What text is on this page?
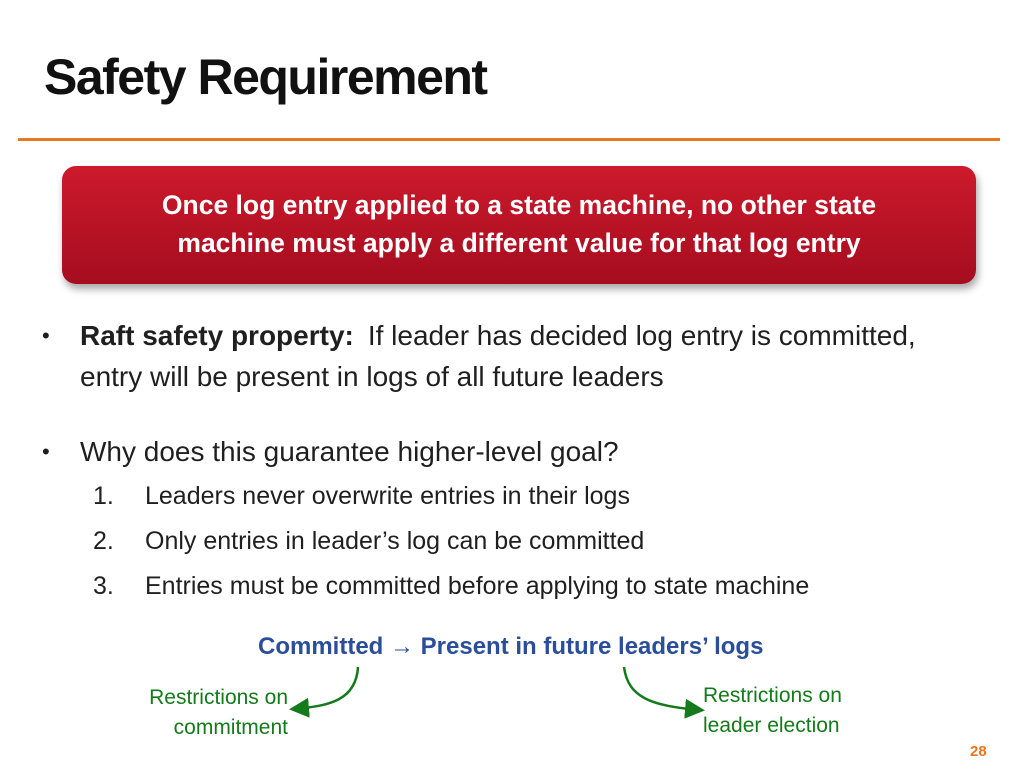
Safety Requirement
Once log entry applied to a state machine, no other state
machine must apply a different value for that log entry
• Raft safety property: If leader has decided log entry is committed, entry will be present in logs of all future leaders
• Why does this guarantee higher-level goal?
1. Leaders never overwrite entries in their logs
2. Only entries in leader’s log can be committed
3. Entries must be committed before applying to state machine
Committed → Present in future leaders’ logs
Restrictions on
commitment
Restrictions on
leader election
28
